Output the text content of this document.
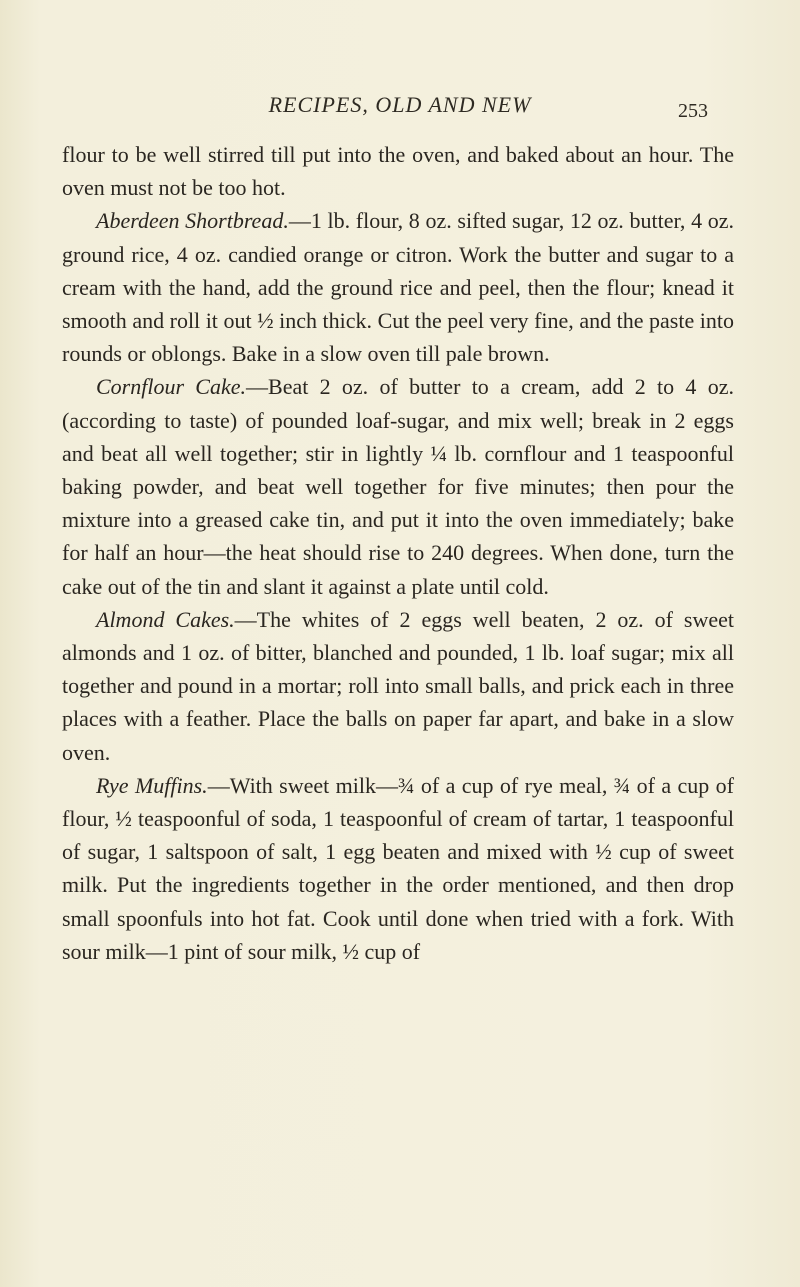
RECIPES, OLD AND NEW	253

flour to be well stirred till put into the oven, and baked about an hour. The oven must not be too hot.

Aberdeen Shortbread.—1 lb. flour, 8 oz. sifted sugar, 12 oz. butter, 4 oz. ground rice, 4 oz. candied orange or citron. Work the butter and sugar to a cream with the hand, add the ground rice and peel, then the flour; knead it smooth and roll it out ½ inch thick. Cut the peel very fine, and the paste into rounds or oblongs. Bake in a slow oven till pale brown.

Cornflour Cake.—Beat 2 oz. of butter to a cream, add 2 to 4 oz. (according to taste) of pounded loaf-sugar, and mix well; break in 2 eggs and beat all well together; stir in lightly ¼ lb. cornflour and 1 teaspoonful baking powder, and beat well together for five minutes; then pour the mixture into a greased cake tin, and put it into the oven immediately; bake for half an hour—the heat should rise to 240 degrees. When done, turn the cake out of the tin and slant it against a plate until cold.

Almond Cakes.—The whites of 2 eggs well beaten, 2 oz. of sweet almonds and 1 oz. of bitter, blanched and pounded, 1 lb. loaf sugar; mix all together and pound in a mortar; roll into small balls, and prick each in three places with a feather. Place the balls on paper far apart, and bake in a slow oven.

Rye Muffins.—With sweet milk—¾ of a cup of rye meal, ¾ of a cup of flour, ½ teaspoonful of soda, 1 teaspoonful of cream of tartar, 1 teaspoonful of sugar, 1 saltspoon of salt, 1 egg beaten and mixed with ½ cup of sweet milk. Put the ingredients together in the order mentioned, and then drop small spoonfuls into hot fat. Cook until done when tried with a fork. With sour milk—1 pint of sour milk, ½ cup of
